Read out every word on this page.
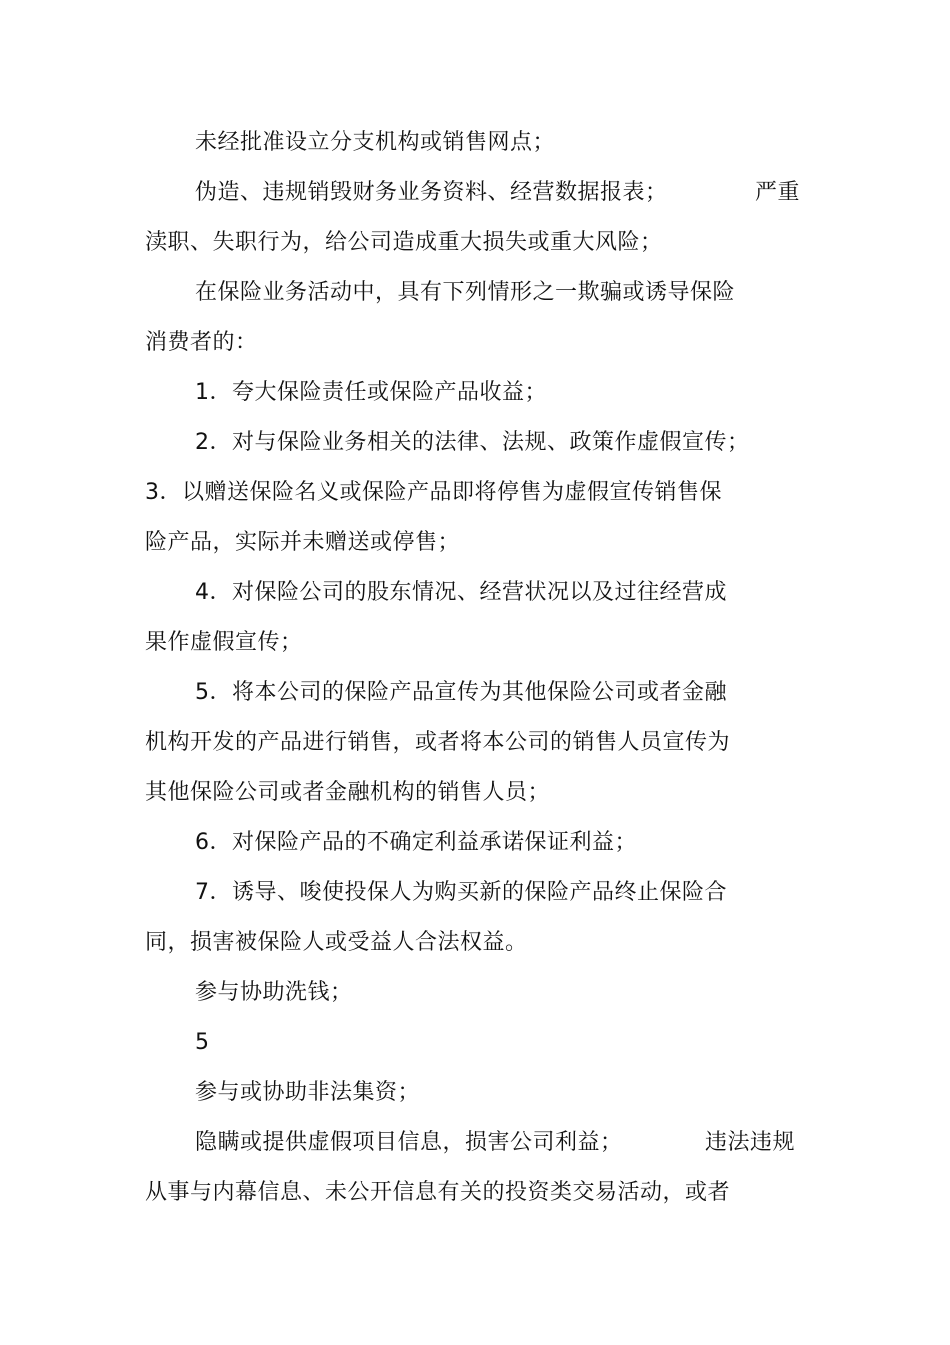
未经批准设立分支机构或销售网点；
伪造、违规销毁财务业务资料、经营数据报表；	严重
渎职、失职行为，给公司造成重大损失或重大风险；
在保险业务活动中，具有下列情形之一欺骗或诱导保险
消费者的：
1．夸大保险责任或保险产品收益；
2．对与保险业务相关的法律、法规、政策作虚假宣传；
3．以赠送保险名义或保险产品即将停售为虚假宣传销售保
险产品，实际并未赠送或停售；
4．对保险公司的股东情况、经营状况以及过往经营成
果作虚假宣传；
5．将本公司的保险产品宣传为其他保险公司或者金融
机构开发的产品进行销售，或者将本公司的销售人员宣传为
其他保险公司或者金融机构的销售人员；
6．对保险产品的不确定利益承诺保证利益；
7．诱导、唆使投保人为购买新的保险产品终止保险合
同，损害被保险人或受益人合法权益。
参与协助洗钱；
5
参与或协助非法集资；
隐瞒或提供虚假项目信息，损害公司利益；	违法违规
从事与内幕信息、未公开信息有关的投资类交易活动，或者
